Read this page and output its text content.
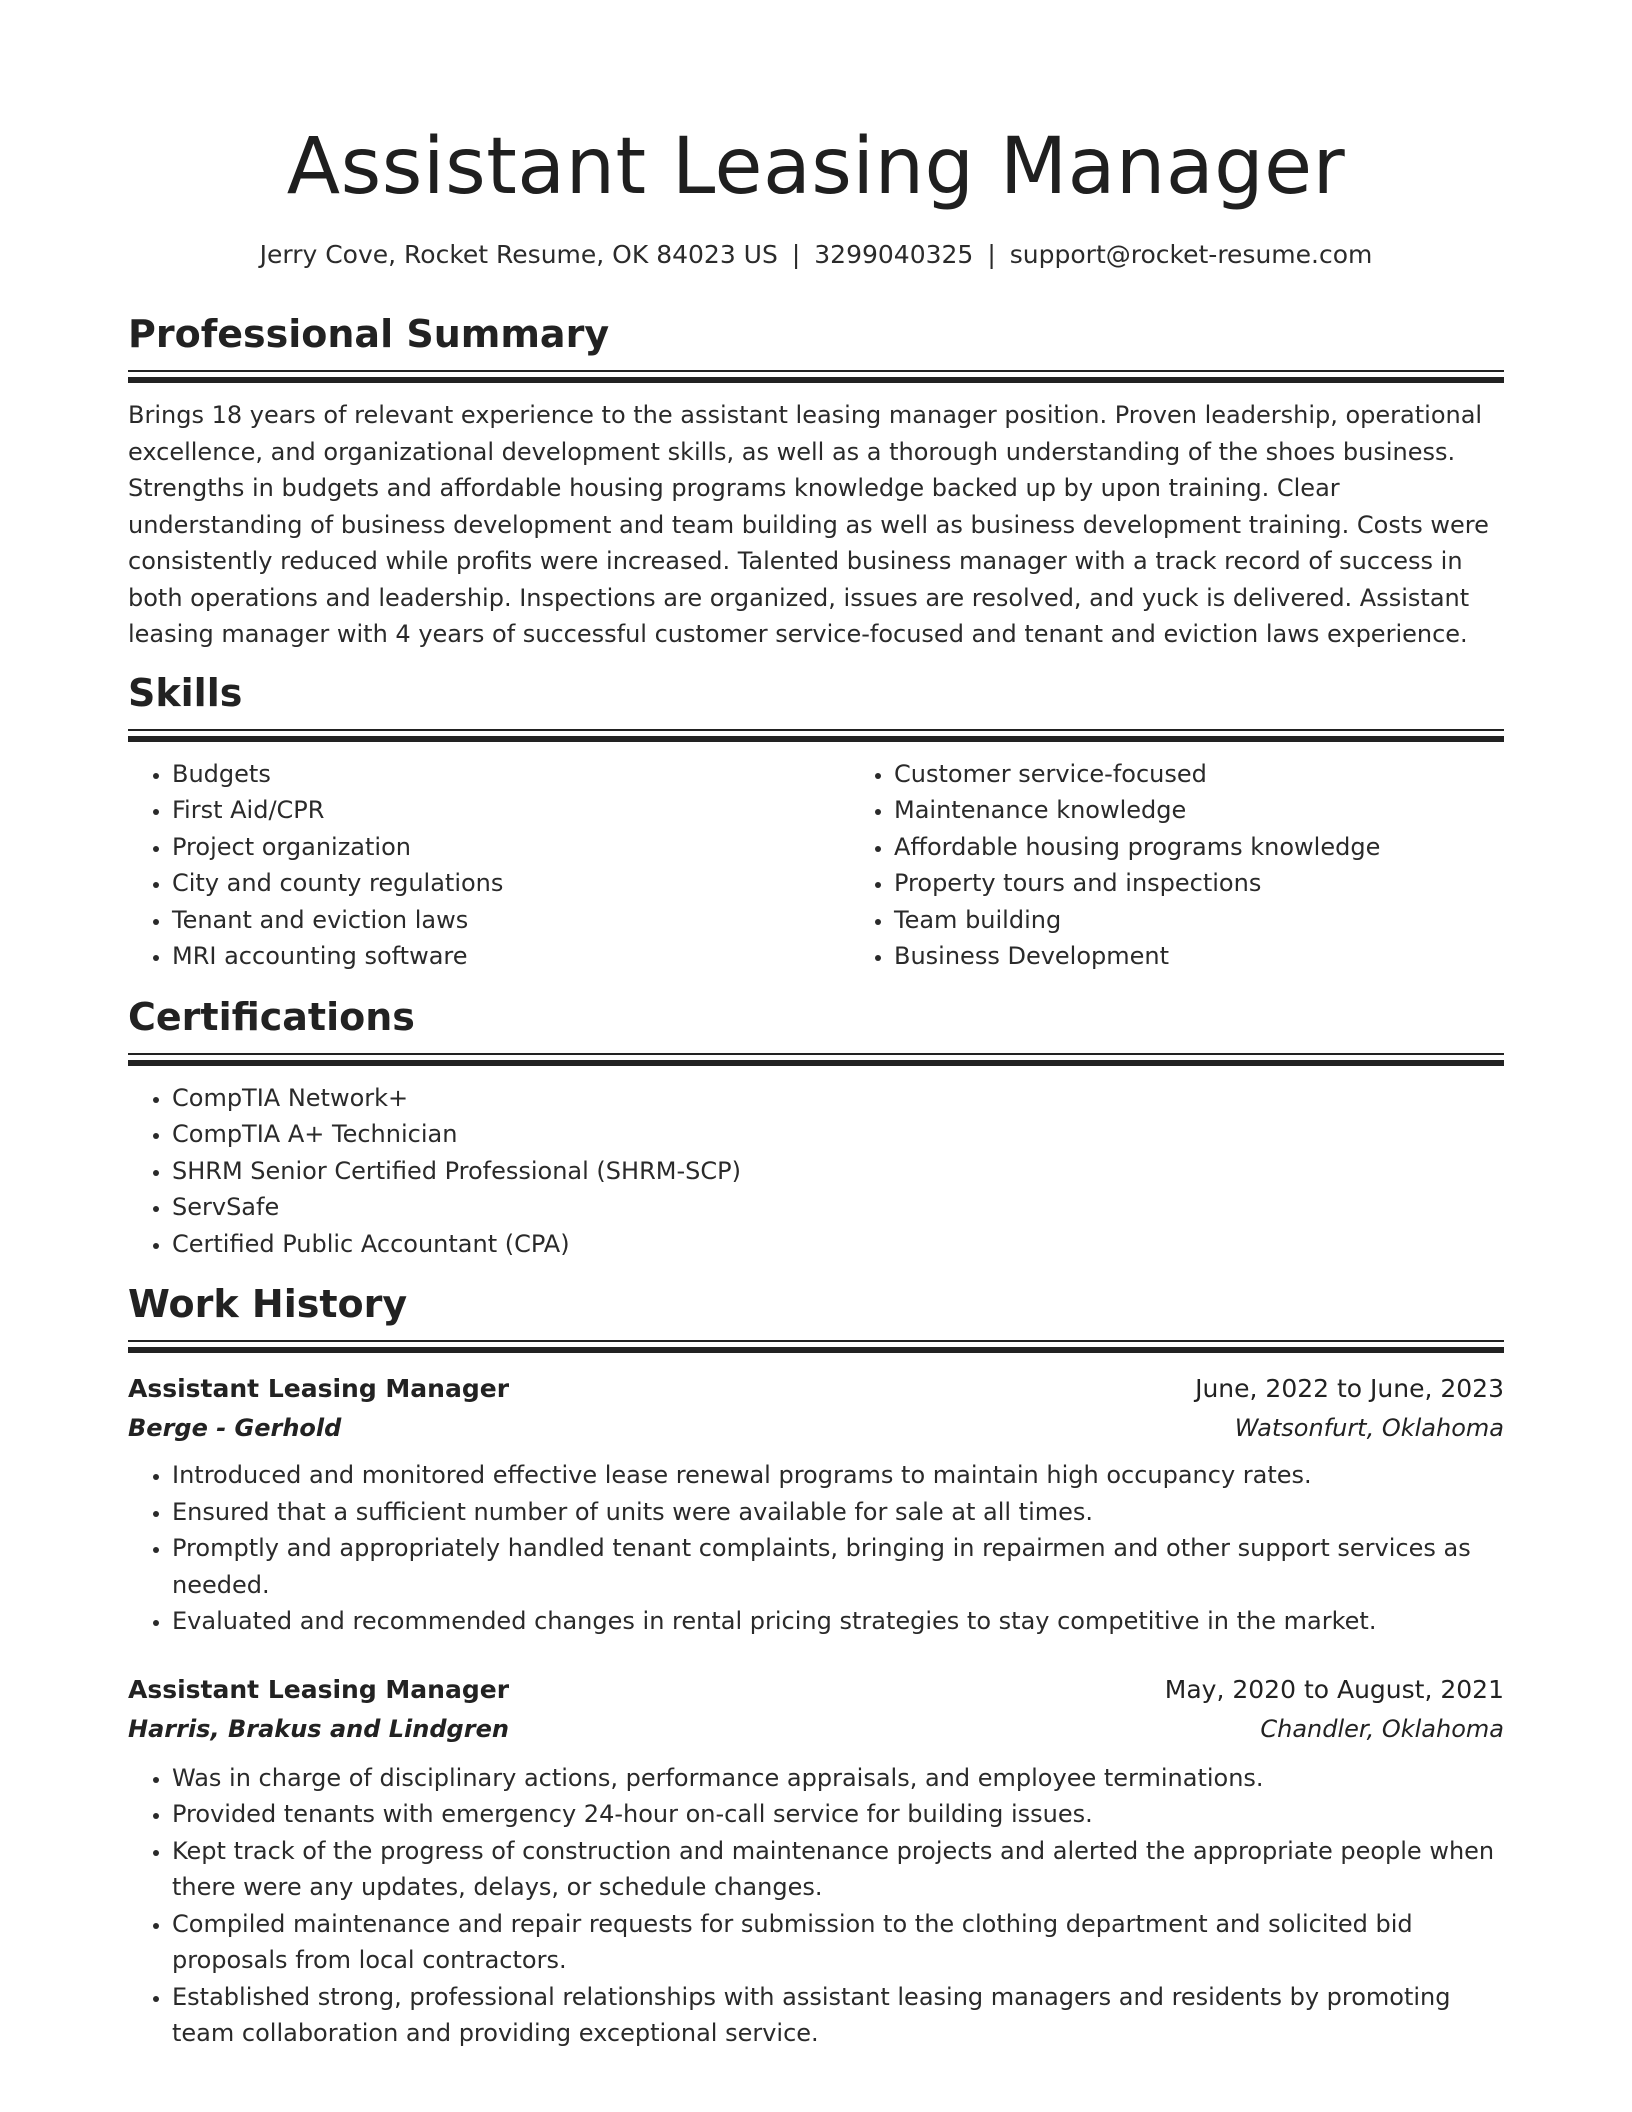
Assistant Leasing Manager
Jerry Cove, Rocket Resume, OK 84023 US | 3299040325 | support@rocket-resume.com
Professional Summary

Brings 18 years of relevant experience to the assistant leasing manager position. Proven leadership, operational excellence, and organizational development skills, as well as a thorough understanding of the shoes business. Strengths in budgets and affordable housing programs knowledge backed up by upon training. Clear understanding of business development and team building as well as business development training. Costs were consistently reduced while profits were increased. Talented business manager with a track record of success in both operations and leadership. Inspections are organized, issues are resolved, and yuck is delivered. Assistant leasing manager with 4 years of successful customer service-focused and tenant and eviction laws experience.

Skills
• Budgets
• First Aid/CPR
• Project organization
• City and county regulations
• Tenant and eviction laws
• MRI accounting software
• Customer service-focused
• Maintenance knowledge
• Affordable housing programs knowledge
• Property tours and inspections
• Team building
• Business Development
Certifications
• CompTIA Network+
• CompTIA A+ Technician
• SHRM Senior Certified Professional (SHRM-SCP)
• ServSafe
• Certified Public Accountant (CPA)
Work History
Assistant Leasing Manager	June, 2022 to June, 2023
Berge - Gerhold	Watsonfurt, Oklahoma
• Introduced and monitored effective lease renewal programs to maintain high occupancy rates.
• Ensured that a sufficient number of units were available for sale at all times.
• Promptly and appropriately handled tenant complaints, bringing in repairmen and other support services as needed.
• Evaluated and recommended changes in rental pricing strategies to stay competitive in the market.
Assistant Leasing Manager	May, 2020 to August, 2021
Harris, Brakus and Lindgren	Chandler, Oklahoma
• Was in charge of disciplinary actions, performance appraisals, and employee terminations.
• Provided tenants with emergency 24-hour on-call service for building issues.
• Kept track of the progress of construction and maintenance projects and alerted the appropriate people when there were any updates, delays, or schedule changes.
• Compiled maintenance and repair requests for submission to the clothing department and solicited bid proposals from local contractors.
• Established strong, professional relationships with assistant leasing managers and residents by promoting team collaboration and providing exceptional service.
